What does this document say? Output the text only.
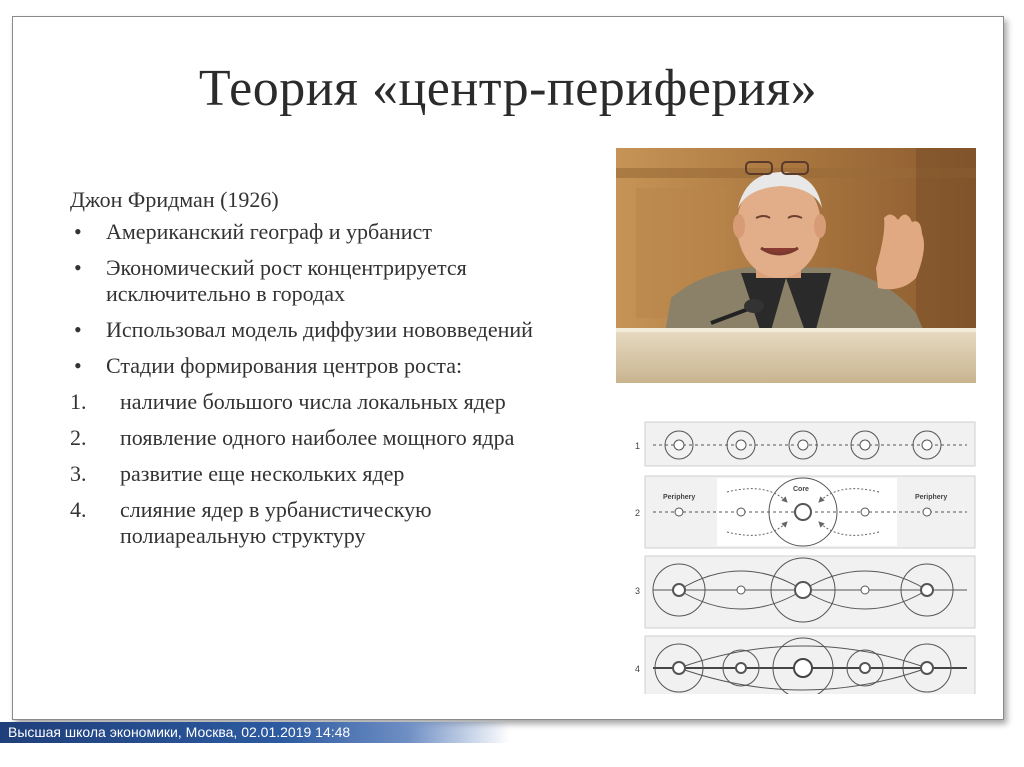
Теория «центр-периферия»

Джон Фридман (1926)

• Американский географ и урбанист
• Экономический рост концентрируется исключительно в городах
• Использовал модель диффузии нововведений
• Стадии формирования центров роста:
1. наличие большого числа локальных ядер
2. появление одного наиболее мощного ядра
3. развитие еще нескольких ядер
4. слияние ядер в урбанистическую полиареальную структуру
1
2
Periphery
Core
Periphery
3
4
Высшая школа экономики, Москва, 02.01.2019 14:48
